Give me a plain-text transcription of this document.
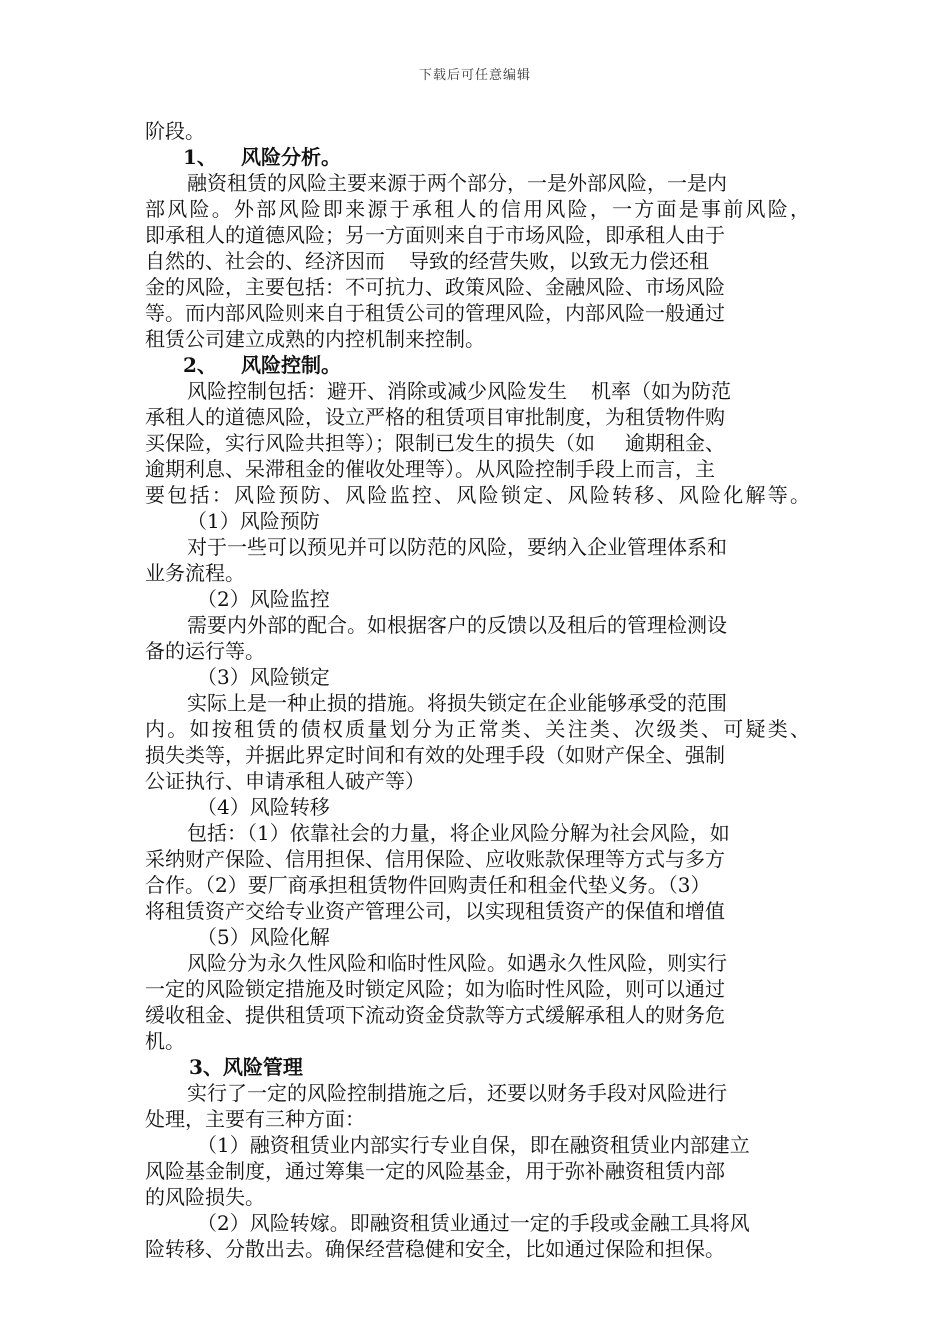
下载后可任意编辑
阶段。
1、 风险分析。
融资租赁的风险主要来源于两个部分，一是外部风险，一是内
部风险。外部风险即来源于承租人的信用风险，一方面是事前风险，
即承租人的道德风险；另一方面则来自于市场风险，即承租人由于
自然的、社会的、经济因而 导致的经营失败，以致无力偿还租
金的风险，主要包括：不可抗力、政策风险、金融风险、市场风险
等。而内部风险则来自于租赁公司的管理风险，内部风险一般通过
租赁公司建立成熟的内控机制来控制。
2、 风险控制。
风险控制包括：避开、消除或减少风险发生 机率（如为防范
承租人的道德风险，设立严格的租赁项目审批制度，为租赁物件购
买保险，实行风险共担等）；限制已发生的损失（如 逾期租金、
逾期利息、呆滞租金的催收处理等）。从风险控制手段上而言，主
要包括：风险预防、风险监控、风险锁定、风险转移、风险化解等。
（1）风险预防
对于一些可以预见并可以防范的风险，要纳入企业管理体系和
业务流程。
（2）风险监控
需要内外部的配合。如根据客户的反馈以及租后的管理检测设
备的运行等。
（3）风险锁定
实际上是一种止损的措施。将损失锁定在企业能够承受的范围
内。如按租赁的债权质量划分为正常类、关注类、次级类、可疑类、
损失类等，并据此界定时间和有效的处理手段（如财产保全、强制
公证执行、申请承租人破产等）
（4）风险转移
包括：（1）依靠社会的力量，将企业风险分解为社会风险，如
采纳财产保险、信用担保、信用保险、应收账款保理等方式与多方
合作。（2）要厂商承担租赁物件回购责任和租金代垫义务。（3）
将租赁资产交给专业资产管理公司，以实现租赁资产的保值和增值
（5）风险化解
风险分为永久性风险和临时性风险。如遇永久性风险，则实行
一定的风险锁定措施及时锁定风险；如为临时性风险，则可以通过
缓收租金、提供租赁项下流动资金贷款等方式缓解承租人的财务危
机。
3、风险管理
实行了一定的风险控制措施之后，还要以财务手段对风险进行
处理，主要有三种方面：
（1）融资租赁业内部实行专业自保，即在融资租赁业内部建立
风险基金制度，通过筹集一定的风险基金，用于弥补融资租赁内部
的风险损失。
（2）风险转嫁。即融资租赁业通过一定的手段或金融工具将风
险转移、分散出去。确保经营稳健和安全，比如通过保险和担保。
